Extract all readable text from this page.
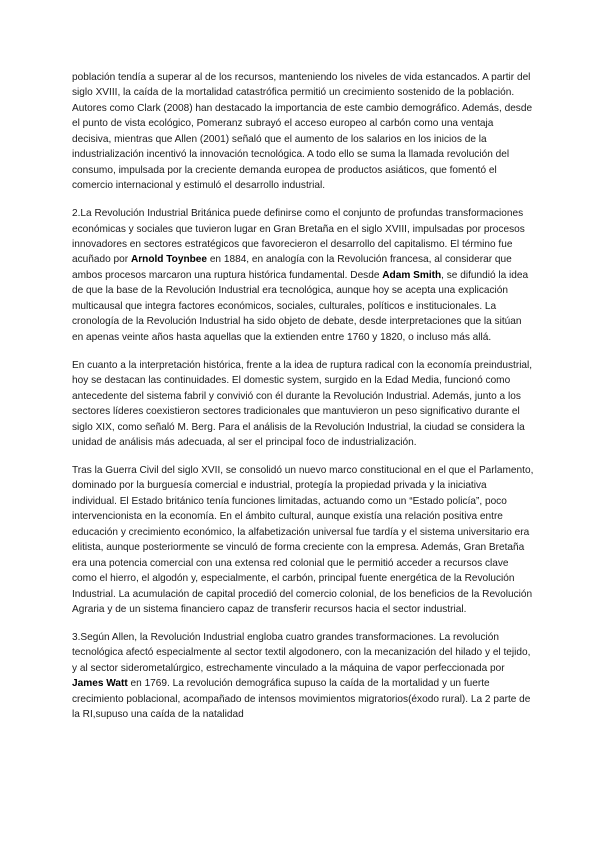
población tendía a superar al de los recursos, manteniendo los niveles de vida estancados. A partir del siglo XVIII, la caída de la mortalidad catastrófica permitió un crecimiento sostenido de la población. Autores como Clark (2008) han destacado la importancia de este cambio demográfico. Además, desde el punto de vista ecológico, Pomeranz subrayó el acceso europeo al carbón como una ventaja decisiva, mientras que Allen (2001) señaló que el aumento de los salarios en los inicios de la industrialización incentivó la innovación tecnológica. A todo ello se suma la llamada revolución del consumo, impulsada por la creciente demanda europea de productos asiáticos, que fomentó el comercio internacional y estimuló el desarrollo industrial.

2.La Revolución Industrial Británica puede definirse como el conjunto de profundas transformaciones económicas y sociales que tuvieron lugar en Gran Bretaña en el siglo XVIII, impulsadas por procesos innovadores en sectores estratégicos que favorecieron el desarrollo del capitalismo. El término fue acuñado por Arnold Toynbee en 1884, en analogía con la Revolución francesa, al considerar que ambos procesos marcaron una ruptura histórica fundamental. Desde Adam Smith, se difundió la idea de que la base de la Revolución Industrial era tecnológica, aunque hoy se acepta una explicación multicausal que integra factores económicos, sociales, culturales, políticos e institucionales. La cronología de la Revolución Industrial ha sido objeto de debate, desde interpretaciones que la sitúan en apenas veinte años hasta aquellas que la extienden entre 1760 y 1820, o incluso más allá.

En cuanto a la interpretación histórica, frente a la idea de ruptura radical con la economía preindustrial, hoy se destacan las continuidades. El domestic system, surgido en la Edad Media, funcionó como antecedente del sistema fabril y convivió con él durante la Revolución Industrial. Además, junto a los sectores líderes coexistieron sectores tradicionales que mantuvieron un peso significativo durante el siglo XIX, como señaló M. Berg. Para el análisis de la Revolución Industrial, la ciudad se considera la unidad de análisis más adecuada, al ser el principal foco de industrialización.

Tras la Guerra Civil del siglo XVII, se consolidó un nuevo marco constitucional en el que el Parlamento, dominado por la burguesía comercial e industrial, protegía la propiedad privada y la iniciativa individual. El Estado británico tenía funciones limitadas, actuando como un “Estado policía”, poco intervencionista en la economía. En el ámbito cultural, aunque existía una relación positiva entre educación y crecimiento económico, la alfabetización universal fue tardía y el sistema universitario era elitista, aunque posteriormente se vinculó de forma creciente con la empresa. Además, Gran Bretaña era una potencia comercial con una extensa red colonial que le permitió acceder a recursos clave como el hierro, el algodón y, especialmente, el carbón, principal fuente energética de la Revolución Industrial. La acumulación de capital procedió del comercio colonial, de los beneficios de la Revolución Agraria y de un sistema financiero capaz de transferir recursos hacia el sector industrial.

3.Según Allen, la Revolución Industrial engloba cuatro grandes transformaciones. La revolución tecnológica afectó especialmente al sector textil algodonero, con la mecanización del hilado y el tejido, y al sector siderometalúrgico, estrechamente vinculado a la máquina de vapor perfeccionada por James Watt en 1769. La revolución demográfica supuso la caída de la mortalidad y un fuerte crecimiento poblacional, acompañado de intensos movimientos migratorios(éxodo rural). La 2 parte de la RI,supuso una caída de la natalidad
